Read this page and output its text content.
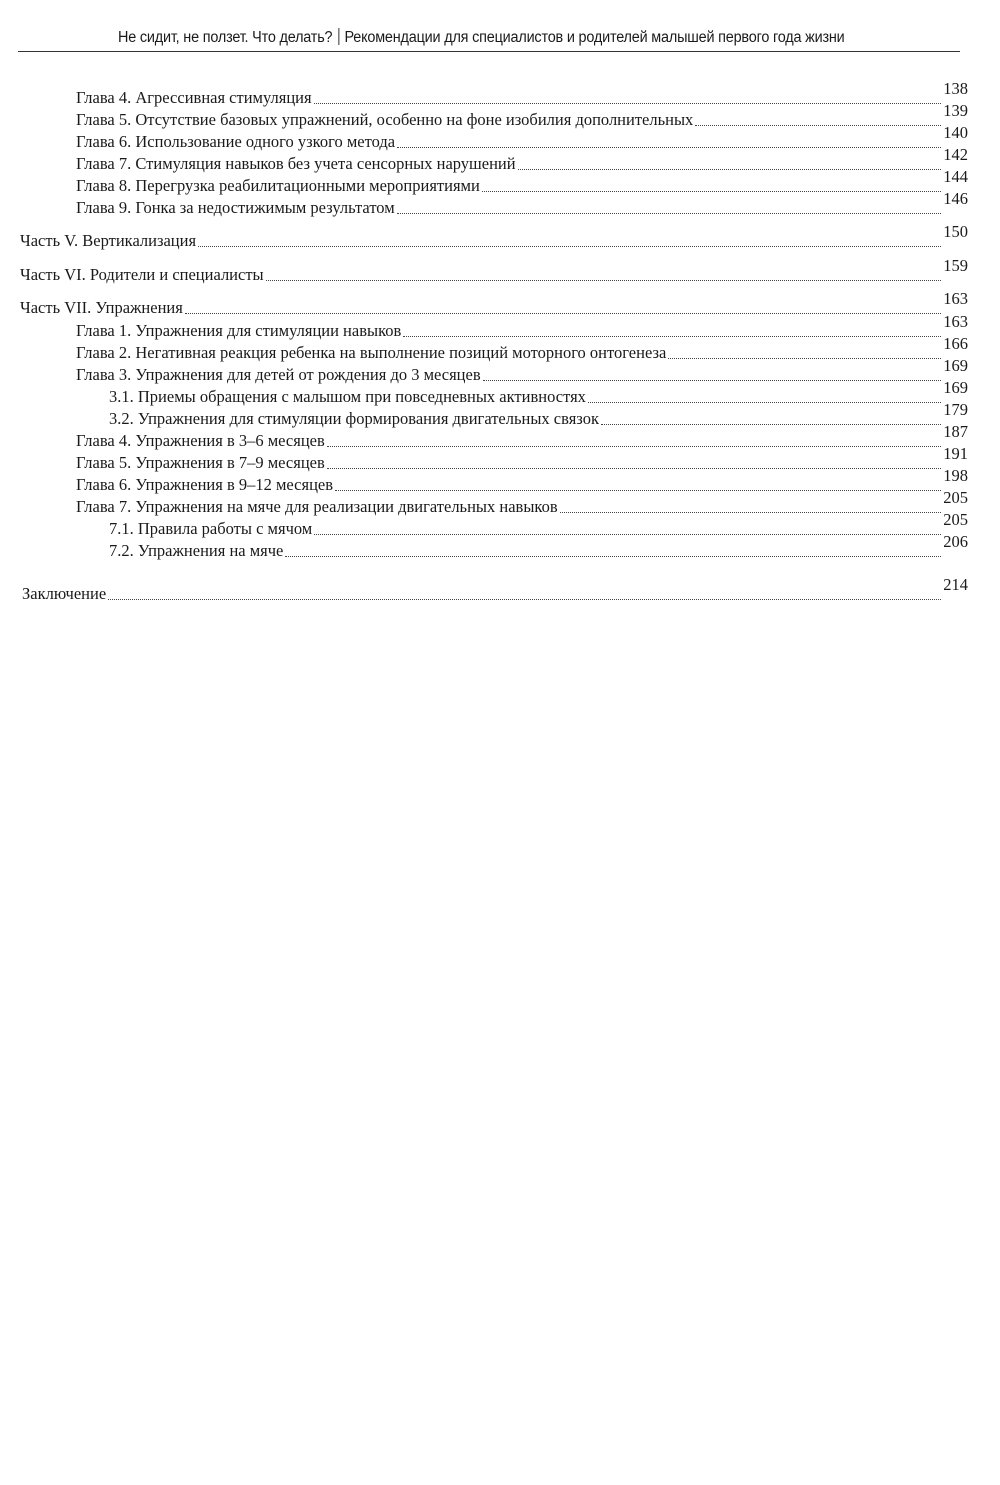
Не сидит, не ползет. Что делать? Рекомендации для специалистов и родителей малышей первого года жизни
Глава 4. Агрессивная стимуляция	138
Глава 5. Отсутствие базовых упражнений, особенно на фоне изобилия дополнительных	139
Глава 6. Использование одного узкого метода	140
Глава 7. Стимуляция навыков без учета сенсорных нарушений	142
Глава 8. Перегрузка реабилитационными мероприятиями	144
Глава 9. Гонка за недостижимым результатом	146
Часть V. Вертикализация	150
Часть VI. Родители и специалисты	159
Часть VII. Упражнения	163
Глава 1. Упражнения для стимуляции навыков	163
Глава 2. Негативная реакция ребенка на выполнение позиций моторного онтогенеза	166
Глава 3. Упражнения для детей от рождения до 3 месяцев	169
3.1. Приемы обращения с малышом при повседневных активностях	169
3.2. Упражнения для стимуляции формирования двигательных связок	179
Глава 4. Упражнения в 3–6 месяцев	187
Глава 5. Упражнения в 7–9 месяцев	191
Глава 6. Упражнения в 9–12 месяцев	198
Глава 7. Упражнения на мяче для реализации двигательных навыков	205
7.1. Правила работы с мячом	205
7.2. Упражнения на мяче	206
Заключение	214
